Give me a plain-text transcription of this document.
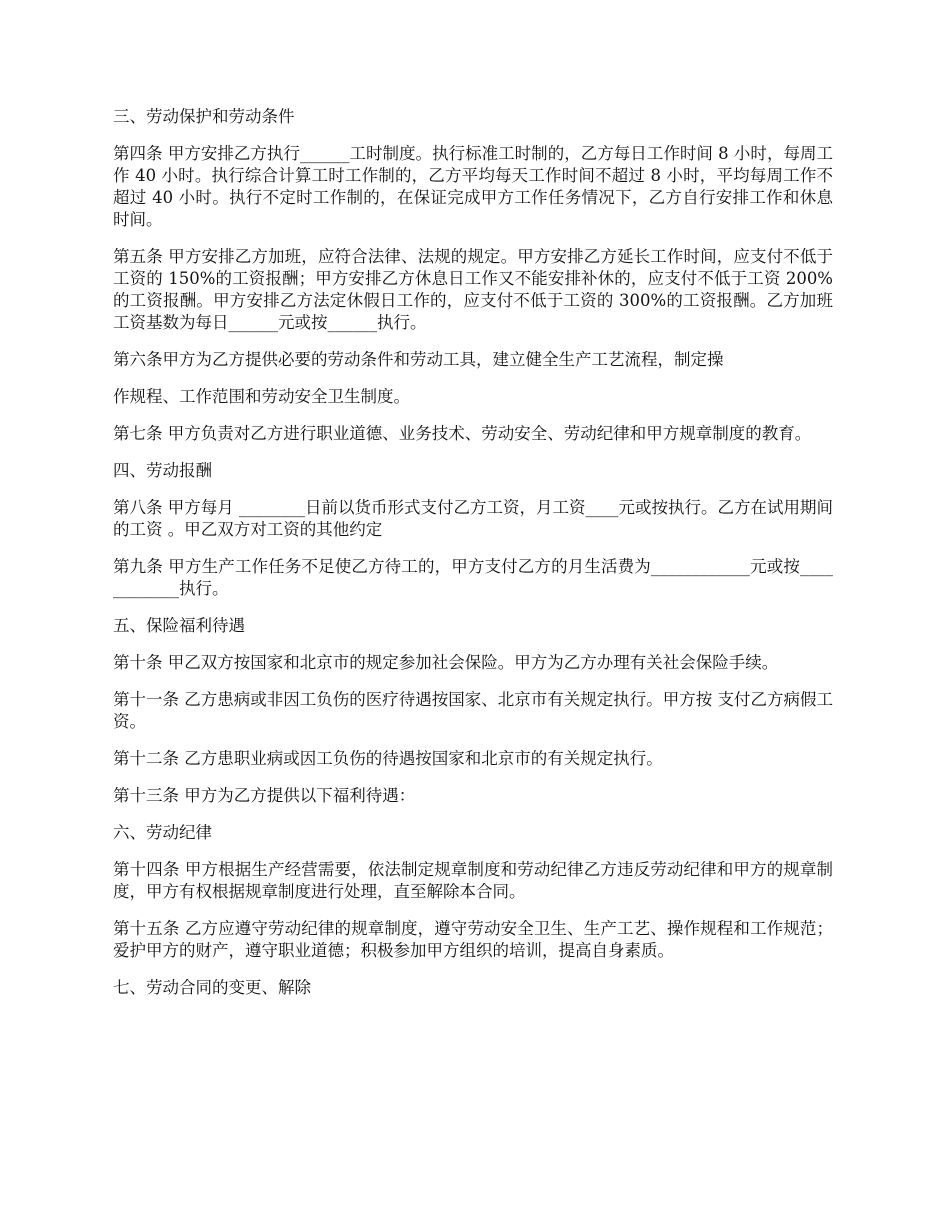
三、劳动保护和劳动条件

第四条 甲方安排乙方执行______工时制度。执行标准工时制的，乙方每日工作时间 8 小时，每周工作 40 小时。执行综合计算工时工作制的，乙方平均每天工作时间不超过 8 小时，平均每周工作不超过 40 小时。执行不定时工作制的，在保证完成甲方工作任务情况下，乙方自行安排工作和休息时间。

第五条 甲方安排乙方加班，应符合法律、法规的规定。甲方安排乙方延长工作时间，应支付不低于工资的 150%的工资报酬；甲方安排乙方休息日工作又不能安排补休的，应支付不低于工资 200%的工资报酬。甲方安排乙方法定休假日工作的，应支付不低于工资的 300%的工资报酬。乙方加班工资基数为每日______元或按______执行。

第六条甲方为乙方提供必要的劳动条件和劳动工具，建立健全生产工艺流程，制定操

作规程、工作范围和劳动安全卫生制度。

第七条 甲方负责对乙方进行职业道德、业务技术、劳动安全、劳动纪律和甲方规章制度的教育。

四、劳动报酬

第八条 甲方每月 ________日前以货币形式支付乙方工资，月工资____元或按执行。乙方在试用期间的工资 。甲乙双方对工资的其他约定

第九条 甲方生产工作任务不足使乙方待工的，甲方支付乙方的月生活费为____________元或按____________执行。

五、保险福利待遇

第十条 甲乙双方按国家和北京市的规定参加社会保险。甲方为乙方办理有关社会保险手续。

第十一条 乙方患病或非因工负伤的医疗待遇按国家、北京市有关规定执行。甲方按 支付乙方病假工资。

第十二条 乙方患职业病或因工负伤的待遇按国家和北京市的有关规定执行。

第十三条 甲方为乙方提供以下福利待遇：

六、劳动纪律

第十四条 甲方根据生产经营需要，依法制定规章制度和劳动纪律乙方违反劳动纪律和甲方的规章制度，甲方有权根据规章制度进行处理，直至解除本合同。

第十五条 乙方应遵守劳动纪律的规章制度，遵守劳动安全卫生、生产工艺、操作规程和工作规范；爱护甲方的财产，遵守职业道德；积极参加甲方组织的培训，提高自身素质。

七、劳动合同的变更、解除
